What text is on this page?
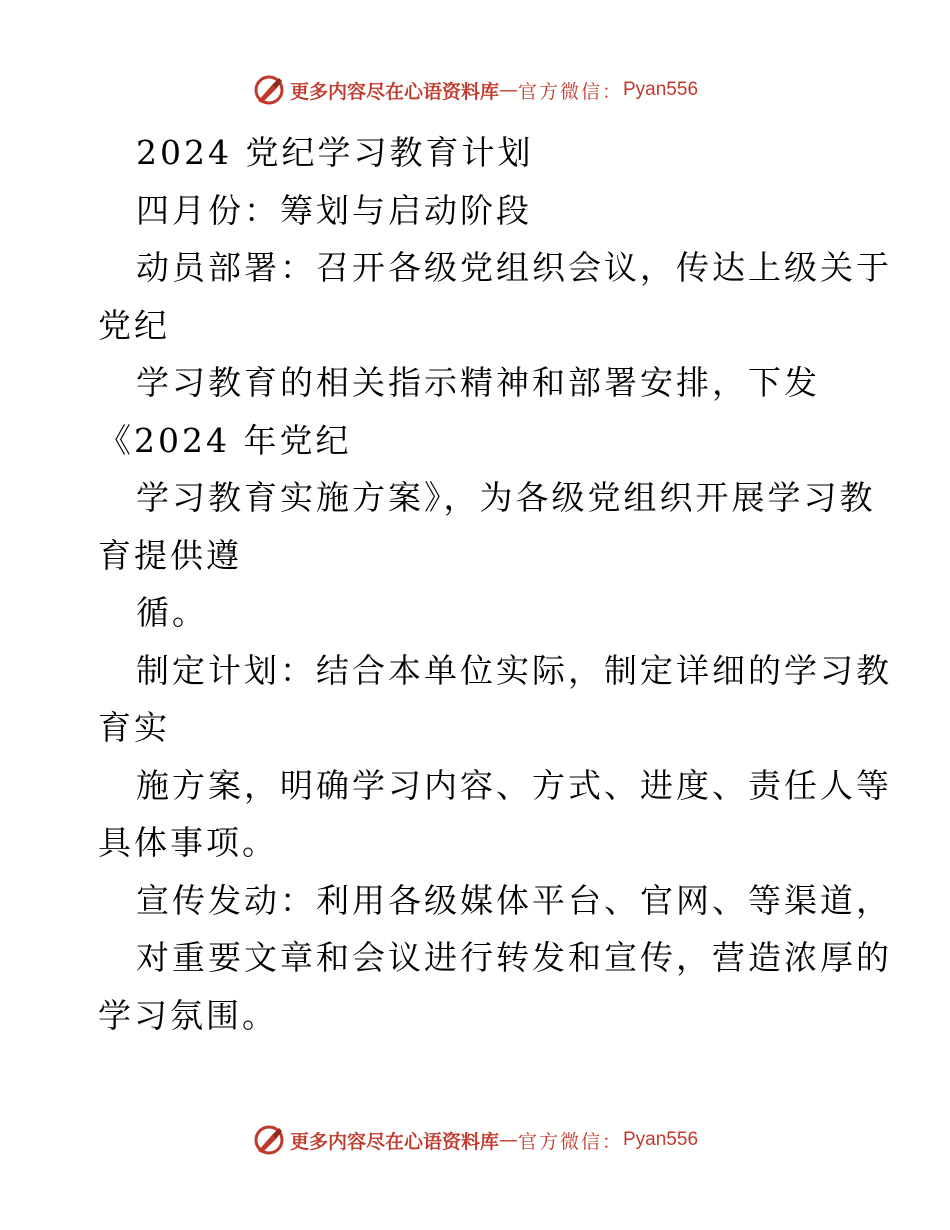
更多内容尽在心语资料库 — 官方微信： Pyan556
2024 党纪学习教育计划
四月份：筹划与启动阶段
动员部署：召开各级党组织会议，传达上级关于
党纪
学习教育的相关指示精神和部署安排，下发
《2024 年党纪
学习教育实施方案》，为各级党组织开展学习教
育提供遵
循。
制定计划：结合本单位实际，制定详细的学习教
育实
施方案，明确学习内容、方式、进度、责任人等
具体事项。
宣传发动：利用各级媒体平台、官网、等渠道，
对重要文章和会议进行转发和宣传，营造浓厚的
学习氛围。
更多内容尽在心语资料库 — 官方微信： Pyan556
